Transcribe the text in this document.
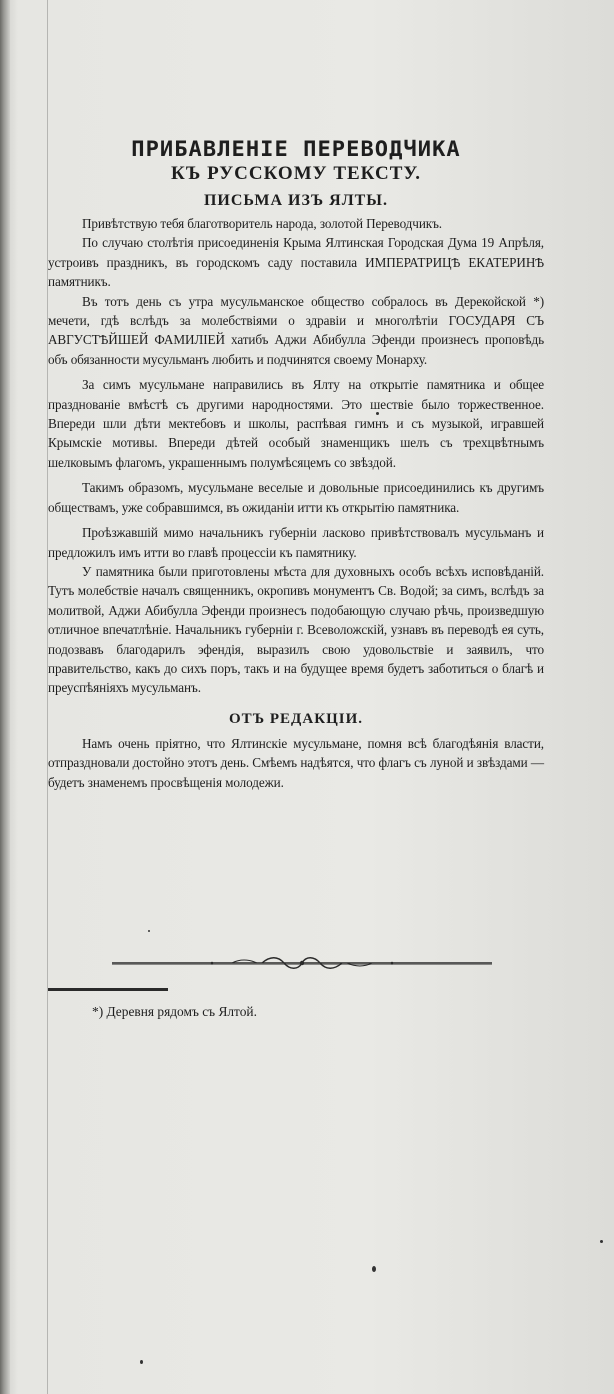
ПРИБАВЛЕНІЕ ПЕРЕВОДЧИКА
КЪ РУССКОМУ ТЕКСТУ.
ПИСЬМА ИЗЪ ЯЛТЫ.

Привѣтствую тебя благотворитель народа, золотой Переводчикъ.

По случаю столѣтія присоединенія Крыма Ялтинская Городская Дума 19 Апрѣля, устроивъ праздникъ, въ городскомъ саду поставила ИМПЕРАТРИЦѢ ЕКАТЕРИНѢ памятникъ.

Въ тотъ день съ утра мусульманское общество собралось въ Дерекойской *) мечети, гдѣ вслѣдъ за молебствіями о здравіи и многолѣтіи ГОСУДАРЯ СЪ АВГУСТѢЙШЕЙ ФАМИЛІЕЙ хатибъ Аджи Абибулла Эфенди произнесъ проповѣдь объ обязанности мусульманъ любить и подчинятся своему Монарху.

За симъ мусульмане направились въ Ялту на открытіе памятника и общее празднованіе вмѣстѣ съ другими народностями. Это шествіе было торжественное. Впереди шли дѣти мектебовъ и школы, распѣвая гимнъ и съ музыкой, игравшей Крымскіе мотивы. Впереди дѣтей особый знаменщикъ шелъ съ трехцвѣтнымъ шелковымъ флагомъ, украшеннымъ полумѣсяцемъ со звѣздой.

Такимъ образомъ, мусульмане веселые и довольные присоединились къ другимъ обществамъ, уже собравшимся, въ ожиданіи итти къ открытію памятника.

Проѣзжавшій мимо начальникъ губерніи ласково привѣтствовалъ мусульманъ и предложилъ имъ итти во главѣ процессіи къ памятнику.

У памятника были приготовлены мѣста для духовныхъ особъ всѣхъ исповѣданій. Тутъ молебствіе началъ священникъ, окропивъ монументъ Св. Водой; за симъ, вслѣдъ за молитвой, Аджи Абибулла Эфенди произнесъ подобающую случаю рѣчь, произведшую отличное впечатлѣніе. Начальникъ губерніи г. Всеволожскій, узнавъ въ переводѣ ея суть, подозвавъ благодарилъ эфендія, выразилъ свою удовольствіе и заявилъ, что правительство, какъ до сихъ поръ, такъ и на будущее время будетъ заботиться о благѣ и преуспѣяніяхъ мусульманъ.

ОТЪ РЕДАКЦІИ.

Намъ очень пріятно, что Ялтинскіе мусульмане, помня всѣ благодѣянія власти, отпраздновали достойно этотъ день. Смѣемъ надѣятся, что флагъ съ луной и звѣздами — будетъ знаменемъ просвѣщенія молодежи.

*) Деревня рядомъ съ Ялтой.
